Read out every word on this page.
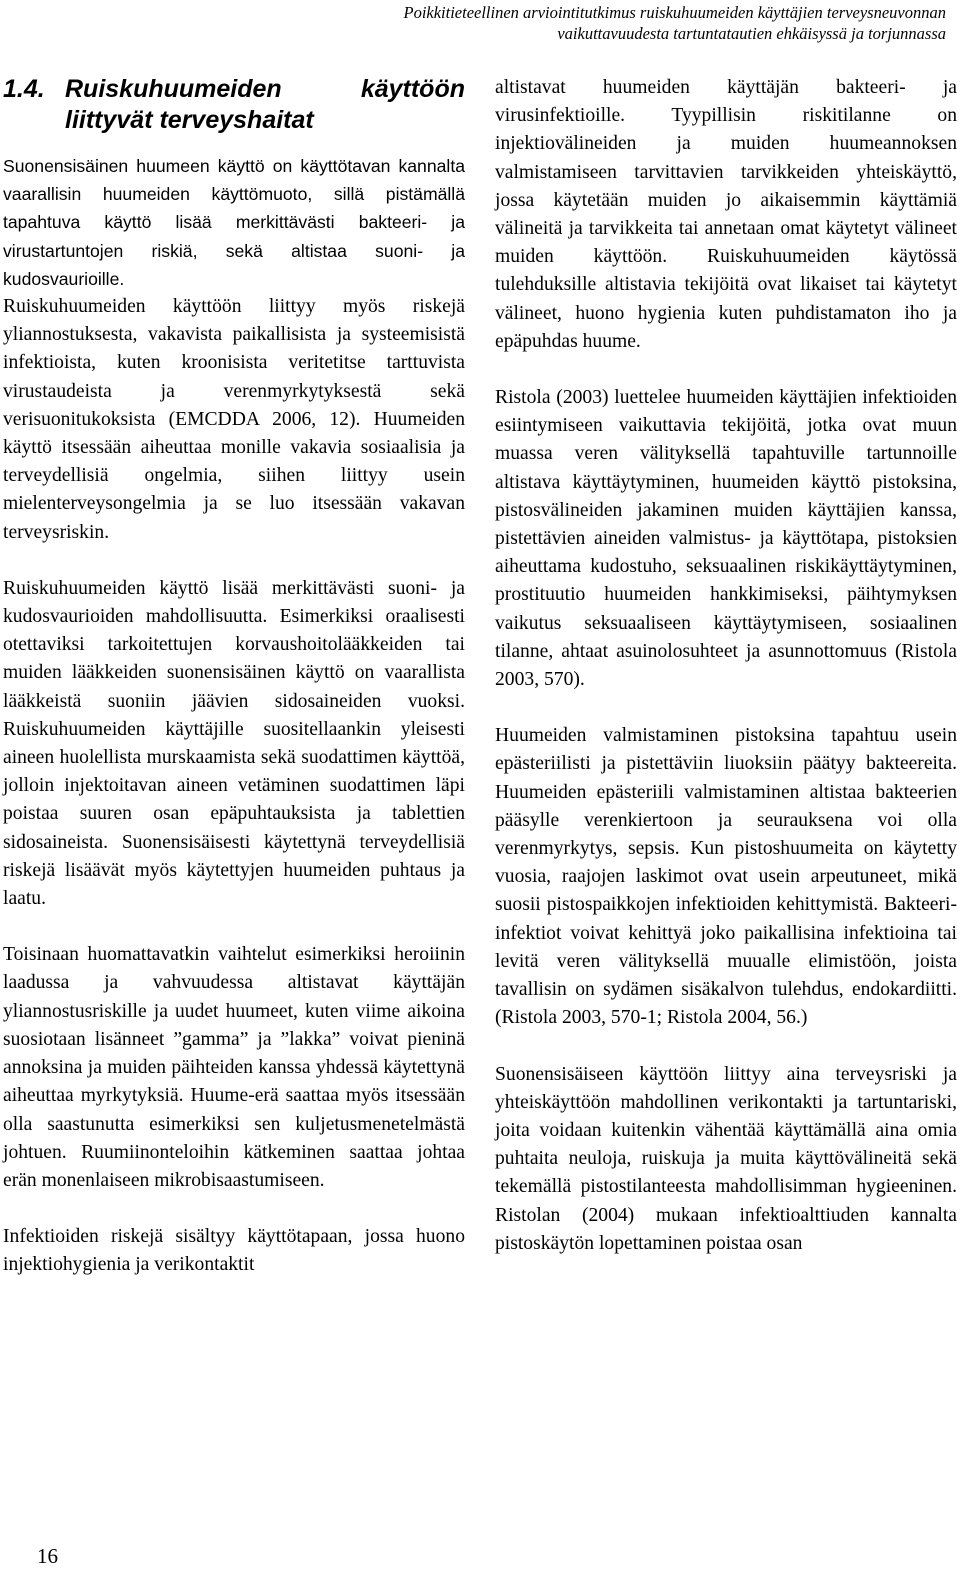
Poikkitieteellinen arviointitutkimus ruiskuhuumeiden käyttäjien terveysneuvonnan
vaikuttavuudesta tartuntatautien ehkäisyssä ja torjunnassa
1.4. Ruiskuhuumeiden käyttöön liittyvät terveyshaitat

Suonensisäinen huumeen käyttö on käyttötavan kannalta vaarallisin huumeiden käyttömuoto, sillä pistämällä tapahtuva käyttö lisää merkittävästi bakteeri- ja virustartuntojen riskiä, sekä altistaa suoni- ja kudosvaurioille.

Ruiskuhuumeiden käyttöön liittyy myös riskejä yliannostuksesta, vakavista paikallisista ja systeemisistä infektioista, kuten kroonisista veritetitse tarttuvista virustaudeista ja verenmyrkytyksestä sekä verisuonitukoksista (EMCDDA 2006, 12). Huumeiden käyttö itsessään aiheuttaa monille vakavia sosiaalisia ja terveydellisiä ongelmia, siihen liittyy usein mielenterveysongelmia ja se luo itsessään vakavan terveysriskin.

Ruiskuhuumeiden käyttö lisää merkittävästi suoni- ja kudosvaurioiden mahdollisuutta. Esimerkiksi oraalisesti otettaviksi tarkoitettujen korvaushoitolääkkeiden tai muiden lääkkeiden suonensisäinen käyttö on vaarallista lääkkeistä suoniin jäävien sidosaineiden vuoksi. Ruiskuhuumeiden käyttäjille suositellaankin yleisesti aineen huolellista murskaamista sekä suodattimen käyttöä, jolloin injektoitavan aineen vetäminen suodattimen läpi poistaa suuren osan epäpuhtauksista ja tablettien sidosaineista. Suonensisäisesti käytettynä terveydellisiä riskejä lisäävät myös käytettyjen huumeiden puhtaus ja laatu.

Toisinaan huomattavatkin vaihtelut esimerkiksi heroiinin laadussa ja vahvuudessa altistavat käyttäjän yliannostusriskille ja uudet huumeet, kuten viime aikoina suosiotaan lisänneet ”gamma” ja ”lakka” voivat pieninä annoksina ja muiden päihteiden kanssa yhdessä käytettynä aiheuttaa myrkytyksiä. Huume-erä saattaa myös itsessään olla saastunutta esimerkiksi sen kuljetusmenetelmästä johtuen. Ruumiinonteloihin kätkeminen saattaa johtaa erän monenlaiseen mikrobisaastumiseen.

Infektioiden riskejä sisältyy käyttötapaan, jossa huono injektiohygienia ja verikontaktit

altistavat huumeiden käyttäjän bakteeri- ja virusinfektioille. Tyypillisin riskitilanne on injektiovälineiden ja muiden huumeannoksen valmistamiseen tarvittavien tarvikkeiden yhteiskäyttö, jossa käytetään muiden jo aikaisemmin käyttämiä välineitä ja tarvikkeita tai annetaan omat käytetyt välineet muiden käyttöön. Ruiskuhuumeiden käytössä tulehduksille altistavia tekijöitä ovat likaiset tai käytetyt välineet, huono hygienia kuten puhdistamaton iho ja epäpuhdas huume.

Ristola (2003) luettelee huumeiden käyttäjien infektioiden esiintymiseen vaikuttavia tekijöitä, jotka ovat muun muassa veren välityksellä tapahtuville tartunnoille altistava käyttäytyminen, huumeiden käyttö pistoksina, pistosvälineiden jakaminen muiden käyttäjien kanssa, pistettävien aineiden valmistus- ja käyttötapa, pistoksien aiheuttama kudostuho, seksuaalinen riskikäyttäytyminen, prostituutio huumeiden hankkimiseksi, päihtymyksen vaikutus seksuaaliseen käyttäytymiseen, sosiaalinen tilanne, ahtaat asuinolosuhteet ja asunnottomuus (Ristola 2003, 570).

Huumeiden valmistaminen pistoksina tapahtuu usein epästeriilisti ja pistettäviin liuoksiin päätyy bakteereita. Huumeiden epästeriili valmistaminen altistaa bakteerien pääsylle verenkiertoon ja seurauksena voi olla verenmyrkytys, sepsis. Kun pistoshuumeita on käytetty vuosia, raajojen laskimot ovat usein arpeutuneet, mikä suosii pistospaikkojen infektioiden kehittymistä. Bakteeri-infektiot voivat kehittyä joko paikallisina infektioina tai levitä veren välityksellä muualle elimistöön, joista tavallisin on sydämen sisäkalvon tulehdus, endokardiitti. (Ristola 2003, 570-1; Ristola 2004, 56.)

Suonensisäiseen käyttöön liittyy aina terveysriski ja yhteiskäyttöön mahdollinen verikontakti ja tartuntariski, joita voidaan kuitenkin vähentää käyttämällä aina omia puhtaita neuloja, ruiskuja ja muita käyttövälineitä sekä tekemällä pistostilanteesta mahdollisimman hygieeninen. Ristolan (2004) mukaan infektioalttiuden kannalta pistoskäytön lopettaminen poistaa osan

16
